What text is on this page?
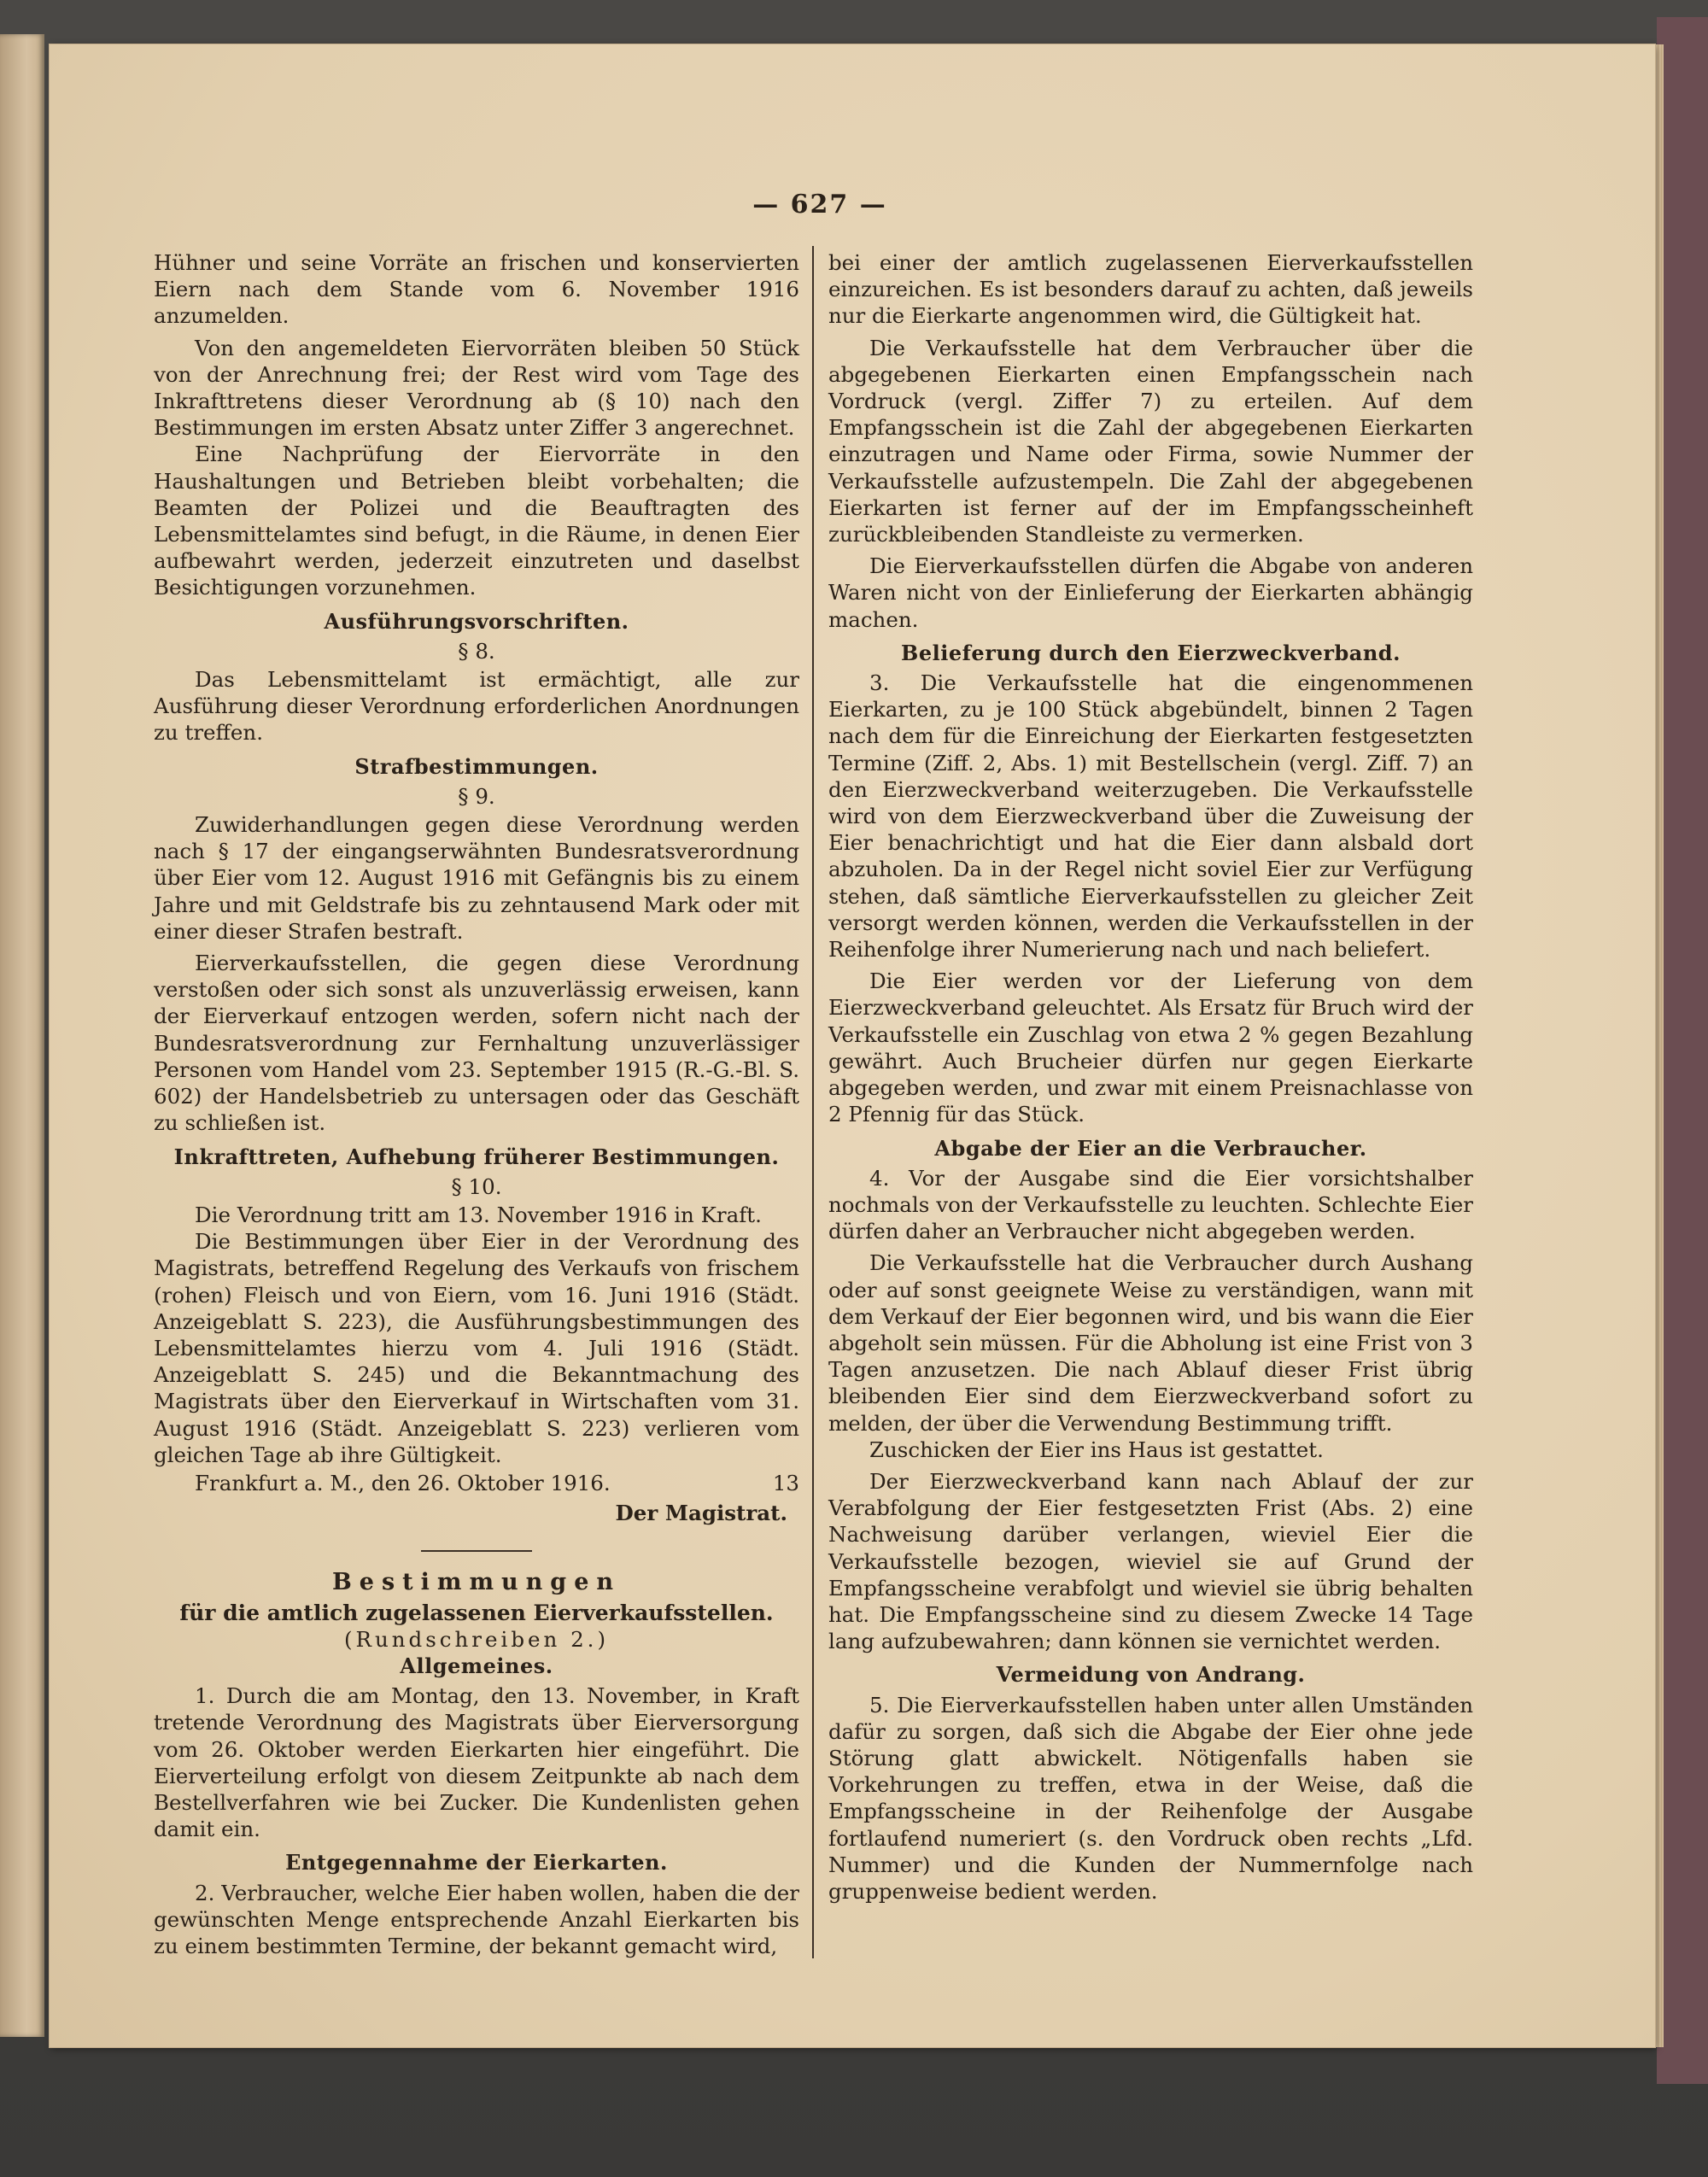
— 627 —

Hühner und seine Vorräte an frischen und konservierten Eiern nach dem Stande vom 6. November 1916 anzumelden.

Von den angemeldeten Eiervorräten bleiben 50 Stück von der Anrechnung frei; der Rest wird vom Tage des Inkrafttretens dieser Verordnung ab (§ 10) nach den Bestimmungen im ersten Absatz unter Ziffer 3 angerechnet.

Eine Nachprüfung der Eiervorräte in den Haushaltungen und Betrieben bleibt vorbehalten; die Beamten der Polizei und die Beauftragten des Lebensmittelamtes sind befugt, in die Räume, in denen Eier aufbewahrt werden, jederzeit einzutreten und daselbst Besichtigungen vorzunehmen.

Ausführungsvorschriften.
§ 8.

Das Lebensmittelamt ist ermächtigt, alle zur Ausführung dieser Verordnung erforderlichen Anordnungen zu treffen.

Strafbestimmungen.
§ 9.

Zuwiderhandlungen gegen diese Verordnung werden nach § 17 der eingangserwähnten Bundesratsverordnung über Eier vom 12. August 1916 mit Gefängnis bis zu einem Jahre und mit Geldstrafe bis zu zehntausend Mark oder mit einer dieser Strafen bestraft.

Eierverkaufsstellen, die gegen diese Verordnung verstoßen oder sich sonst als unzuverlässig erweisen, kann der Eierverkauf entzogen werden, sofern nicht nach der Bundesratsverordnung zur Fernhaltung unzuverlässiger Personen vom Handel vom 23. September 1915 (R.-G.-Bl. S. 602) der Handelsbetrieb zu untersagen oder das Geschäft zu schließen ist.

Inkrafttreten, Aufhebung früherer Bestimmungen.
§ 10.

Die Verordnung tritt am 13. November 1916 in Kraft.

Die Bestimmungen über Eier in der Verordnung des Magistrats, betreffend Regelung des Verkaufs von frischem (rohen) Fleisch und von Eiern, vom 16. Juni 1916 (Städt. Anzeigeblatt S. 223), die Ausführungsbestimmungen des Lebensmittelamtes hierzu vom 4. Juli 1916 (Städt. Anzeigeblatt S. 245) und die Bekanntmachung des Magistrats über den Eierverkauf in Wirtschaften vom 31. August 1916 (Städt. Anzeigeblatt S. 223) verlieren vom gleichen Tage ab ihre Gültigkeit.

Frankfurt a. M., den 26. Oktober 1916.	13
Der Magistrat.
Bestimmungen
für die amtlich zugelassenen Eierverkaufsstellen.
(Rundschreiben 2.)
Allgemeines.

1. Durch die am Montag, den 13. November, in Kraft tretende Verordnung des Magistrats über Eierversorgung vom 26. Oktober werden Eierkarten hier eingeführt. Die Eierverteilung erfolgt von diesem Zeitpunkte ab nach dem Bestellverfahren wie bei Zucker. Die Kundenlisten gehen damit ein.

Entgegennahme der Eierkarten.

2. Verbraucher, welche Eier haben wollen, haben die der gewünschten Menge entsprechende Anzahl Eierkarten bis zu einem bestimmten Termine, der bekannt gemacht wird,

bei einer der amtlich zugelassenen Eierverkaufsstellen einzureichen. Es ist besonders darauf zu achten, daß jeweils nur die Eierkarte angenommen wird, die Gültigkeit hat.

Die Verkaufsstelle hat dem Verbraucher über die abgegebenen Eierkarten einen Empfangsschein nach Vordruck (vergl. Ziffer 7) zu erteilen. Auf dem Empfangsschein ist die Zahl der abgegebenen Eierkarten einzutragen und Name oder Firma, sowie Nummer der Verkaufsstelle aufzustempeln. Die Zahl der abgegebenen Eierkarten ist ferner auf der im Empfangsscheinheft zurückbleibenden Standleiste zu vermerken.

Die Eierverkaufsstellen dürfen die Abgabe von anderen Waren nicht von der Einlieferung der Eierkarten abhängig machen.

Belieferung durch den Eierzweckverband.

3. Die Verkaufsstelle hat die eingenommenen Eierkarten, zu je 100 Stück abgebündelt, binnen 2 Tagen nach dem für die Einreichung der Eierkarten festgesetzten Termine (Ziff. 2, Abs. 1) mit Bestellschein (vergl. Ziff. 7) an den Eierzweckverband weiterzugeben. Die Verkaufsstelle wird von dem Eierzweckverband über die Zuweisung der Eier benachrichtigt und hat die Eier dann alsbald dort abzuholen. Da in der Regel nicht soviel Eier zur Verfügung stehen, daß sämtliche Eierverkaufsstellen zu gleicher Zeit versorgt werden können, werden die Verkaufsstellen in der Reihenfolge ihrer Numerierung nach und nach beliefert.

Die Eier werden vor der Lieferung von dem Eierzweckverband geleuchtet. Als Ersatz für Bruch wird der Verkaufsstelle ein Zuschlag von etwa 2 % gegen Bezahlung gewährt. Auch Brucheier dürfen nur gegen Eierkarte abgegeben werden, und zwar mit einem Preisnachlasse von 2 Pfennig für das Stück.

Abgabe der Eier an die Verbraucher.

4. Vor der Ausgabe sind die Eier vorsichtshalber nochmals von der Verkaufsstelle zu leuchten. Schlechte Eier dürfen daher an Verbraucher nicht abgegeben werden.

Die Verkaufsstelle hat die Verbraucher durch Aushang oder auf sonst geeignete Weise zu verständigen, wann mit dem Verkauf der Eier begonnen wird, und bis wann die Eier abgeholt sein müssen. Für die Abholung ist eine Frist von 3 Tagen anzusetzen. Die nach Ablauf dieser Frist übrig bleibenden Eier sind dem Eierzweckverband sofort zu melden, der über die Verwendung Bestimmung trifft.

Zuschicken der Eier ins Haus ist gestattet.

Der Eierzweckverband kann nach Ablauf der zur Verabfolgung der Eier festgesetzten Frist (Abs. 2) eine Nachweisung darüber verlangen, wieviel Eier die Verkaufsstelle bezogen, wieviel sie auf Grund der Empfangsscheine verabfolgt und wieviel sie übrig behalten hat. Die Empfangsscheine sind zu diesem Zwecke 14 Tage lang aufzubewahren; dann können sie vernichtet werden.

Vermeidung von Andrang.

5. Die Eierverkaufsstellen haben unter allen Umständen dafür zu sorgen, daß sich die Abgabe der Eier ohne jede Störung glatt abwickelt. Nötigenfalls haben sie Vorkehrungen zu treffen, etwa in der Weise, daß die Empfangsscheine in der Reihenfolge der Ausgabe fortlaufend numeriert (s. den Vordruck oben rechts „Lfd. Nummer) und die Kunden der Nummernfolge nach gruppenweise bedient werden.
